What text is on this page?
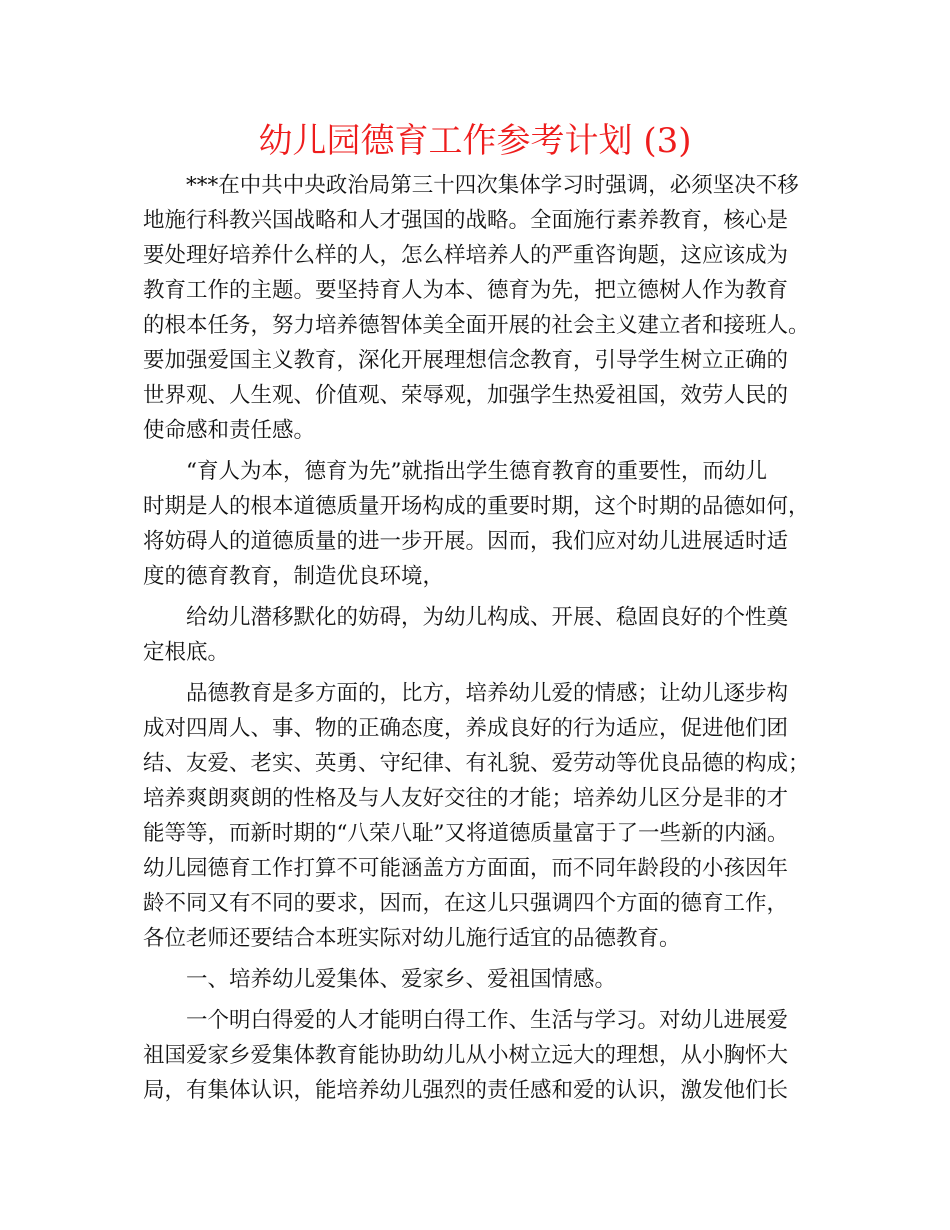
幼儿园德育工作参考计划 (3)
***在中共中央政治局第三十四次集体学习时强调，必须坚决不移
地施行科教兴国战略和人才强国的战略。全面施行素养教育，核心是
要处理好培养什么样的人，怎么样培养人的严重咨询题，这应该成为
教育工作的主题。要坚持育人为本、德育为先，把立德树人作为教育
的根本任务，努力培养德智体美全面开展的社会主义建立者和接班人。
要加强爱国主义教育，深化开展理想信念教育，引导学生树立正确的
世界观、人生观、价值观、荣辱观，加强学生热爱祖国，效劳人民的
使命感和责任感。
“育人为本，德育为先”就指出学生德育教育的重要性，而幼儿
时期是人的根本道德质量开场构成的重要时期，这个时期的品德如何，
将妨碍人的道德质量的进一步开展。因而，我们应对幼儿进展适时适
度的德育教育，制造优良环境，
给幼儿潜移默化的妨碍，为幼儿构成、开展、稳固良好的个性奠
定根底。
品德教育是多方面的，比方，培养幼儿爱的情感；让幼儿逐步构
成对四周人、事、物的正确态度，养成良好的行为适应，促进他们团
结、友爱、老实、英勇、守纪律、有礼貌、爱劳动等优良品德的构成；
培养爽朗爽朗的性格及与人友好交往的才能；培养幼儿区分是非的才
能等等，而新时期的“八荣八耻”又将道德质量富于了一些新的内涵。
幼儿园德育工作打算不可能涵盖方方面面，而不同年龄段的小孩因年
龄不同又有不同的要求，因而，在这儿只强调四个方面的德育工作，
各位老师还要结合本班实际对幼儿施行适宜的品德教育。
一、培养幼儿爱集体、爱家乡、爱祖国情感。
一个明白得爱的人才能明白得工作、生活与学习。对幼儿进展爱
祖国爱家乡爱集体教育能协助幼儿从小树立远大的理想，从小胸怀大
局，有集体认识，能培养幼儿强烈的责任感和爱的认识，激发他们长
